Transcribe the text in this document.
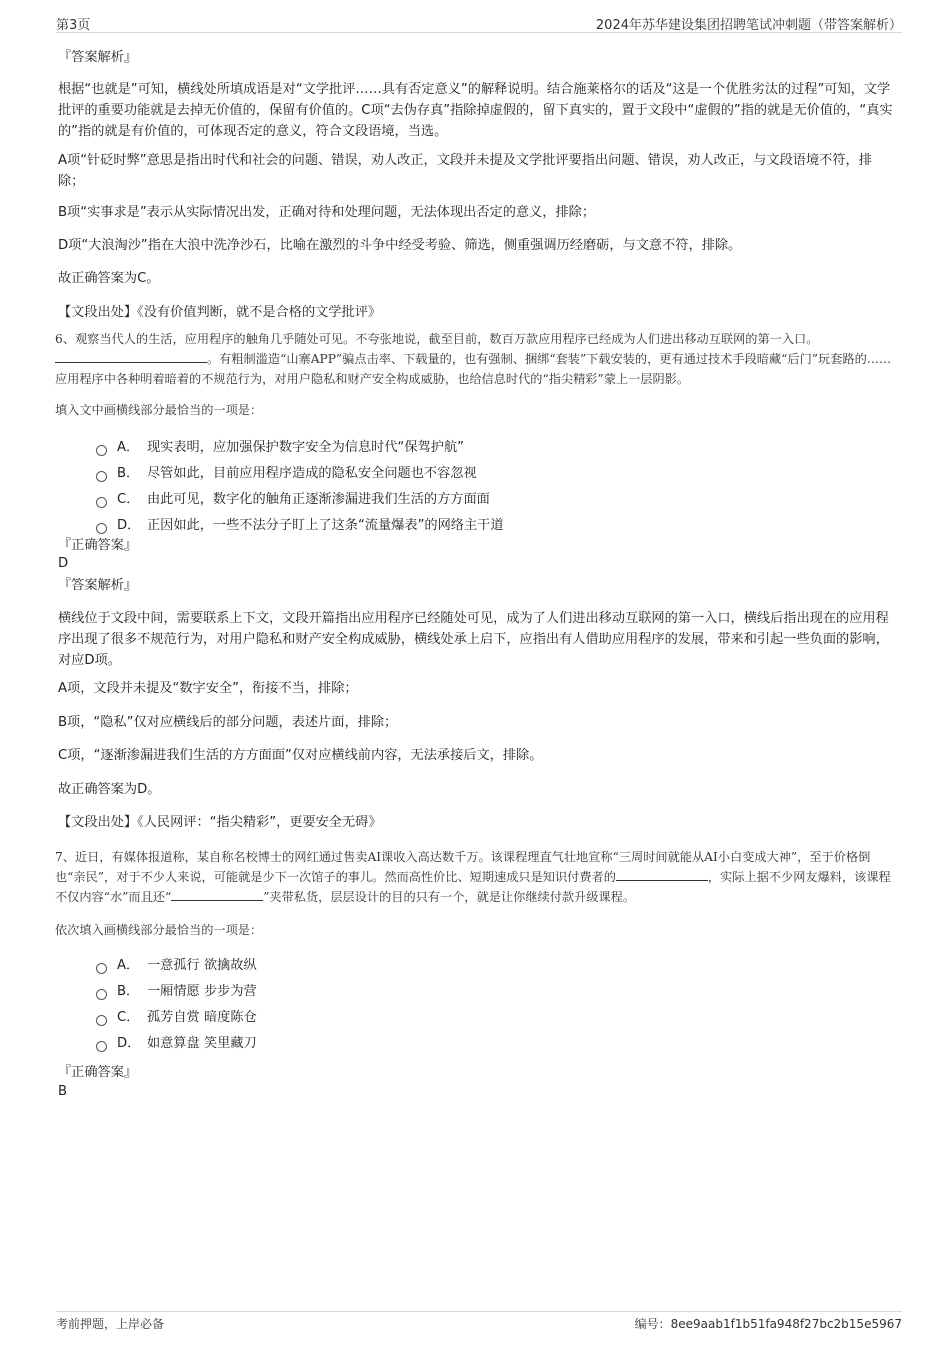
第3页	2024年苏华建设集团招聘笔试冲刺题（带答案解析）
『答案解析』
根据“也就是”可知，横线处所填成语是对“文学批评……具有否定意义”的解释说明。结合施莱格尔的话及“这是一个优胜劣汰的过程”可知，文学批评的重要功能就是去掉无价值的，保留有价值的。C项“去伪存真”指除掉虚假的，留下真实的，置于文段中“虚假的”指的就是无价值的，“真实的”指的就是有价值的，可体现否定的意义，符合文段语境，当选。
A项“针砭时弊”意思是指出时代和社会的问题、错误，劝人改正，文段并未提及文学批评要指出问题、错误，劝人改正，与文段语境不符，排除；
B项“实事求是”表示从实际情况出发，正确对待和处理问题，无法体现出否定的意义，排除；
D项“大浪淘沙”指在大浪中洗净沙石，比喻在激烈的斗争中经受考验、筛选，侧重强调历经磨砺，与文意不符，排除。
故正确答案为C。
【文段出处】《没有价值判断，就不是合格的文学批评》
6、观察当代人的生活，应用程序的触角几乎随处可见。不夸张地说，截至目前，数百万款应用程序已经成为人们进出移动互联网的第一入口。。有粗制滥造“山寨APP”骗点击率、下载量的，也有强制、捆绑“套装”下载安装的，更有通过技术手段暗藏“后门”玩套路的……应用程序中各种明着暗着的不规范行为，对用户隐私和财产安全构成威胁，也给信息时代的“指尖精彩”蒙上一层阴影。
填入文中画横线部分最恰当的一项是：
A． 现实表明，应加强保护数字安全为信息时代“保驾护航”
B． 尽管如此，目前应用程序造成的隐私安全问题也不容忽视
C． 由此可见，数字化的触角正逐渐渗漏进我们生活的方方面面
D． 正因如此，一些不法分子盯上了这条“流量爆表”的网络主干道
『正确答案』
D
『答案解析』
横线位于文段中间，需要联系上下文，文段开篇指出应用程序已经随处可见，成为了人们进出移动互联网的第一入口，横线后指出现在的应用程序出现了很多不规范行为，对用户隐私和财产安全构成威胁，横线处承上启下，应指出有人借助应用程序的发展，带来和引起一些负面的影响，对应D项。
A项，文段并未提及“数字安全”，衔接不当，排除；
B项，“隐私”仅对应横线后的部分问题，表述片面，排除；
C项，“逐渐渗漏进我们生活的方方面面”仅对应横线前内容，无法承接后文，排除。
故正确答案为D。
【文段出处】《人民网评：“指尖精彩”，更要安全无碍》
7、近日，有媒体报道称，某自称名校博士的网红通过售卖AI课收入高达数千万。该课程理直气壮地宣称“三周时间就能从AI小白变成大神”，至于价格倒也“亲民”，对于不少人来说，可能就是少下一次馆子的事儿。然而高性价比、短期速成只是知识付费者的	，实际上据不少网友爆料，该课程不仅内容“水”而且还“	”夹带私货，层层设计的目的只有一个，就是让你继续付款升级课程。
依次填入画横线部分最恰当的一项是：
A． 一意孤行 欲擒故纵
B． 一厢情愿 步步为营
C． 孤芳自赏 暗度陈仓
D． 如意算盘 笑里藏刀
『正确答案』
B
考前押题，上岸必备	编号：8ee9aab1f1b51fa948f27bc2b15e5967
